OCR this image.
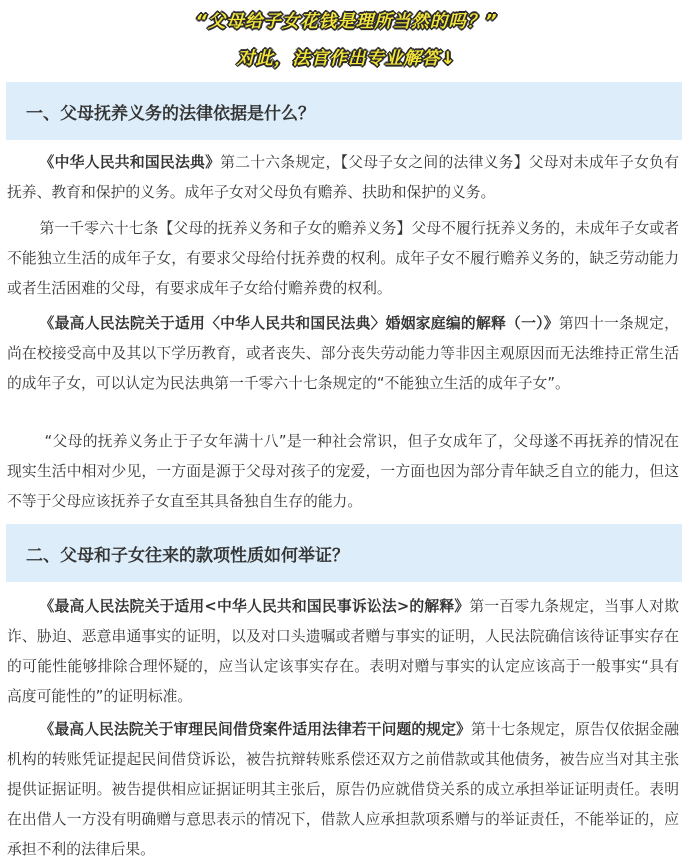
“父母给子女花钱是理所当然的吗？”
对此，法官作出专业解答↓
一、父母抚养义务的法律依据是什么？

《中华人民共和国民法典》第二十六条规定，【父母子女之间的法律义务】父母对未成年子女负有抚养、教育和保护的义务。成年子女对父母负有赡养、扶助和保护的义务。

第一千零六十七条【父母的抚养义务和子女的赡养义务】父母不履行抚养义务的，未成年子女或者不能独立生活的成年子女，有要求父母给付抚养费的权利。成年子女不履行赡养义务的，缺乏劳动能力或者生活困难的父母，有要求成年子女给付赡养费的权利。

《最高人民法院关于适用〈中华人民共和国民法典〉婚姻家庭编的解释（一）》第四十一条规定，尚在校接受高中及其以下学历教育，或者丧失、部分丧失劳动能力等非因主观原因而无法维持正常生活的成年子女，可以认定为民法典第一千零六十七条规定的“不能独立生活的成年子女”。

“父母的抚养义务止于子女年满十八”是一种社会常识，但子女成年了，父母遂不再抚养的情况在现实生活中相对少见，一方面是源于父母对孩子的宠爱，一方面也因为部分青年缺乏自立的能力，但这不等于父母应该抚养子女直至其具备独自生存的能力。

二、父母和子女往来的款项性质如何举证？

《最高人民法院关于适用<中华人民共和国民事诉讼法>的解释》第一百零九条规定，当事人对欺诈、胁迫、恶意串通事实的证明，以及对口头遗嘱或者赠与事实的证明，人民法院确信该待证事实存在的可能性能够排除合理怀疑的，应当认定该事实存在。表明对赠与事实的认定应该高于一般事实“具有高度可能性的”的证明标准。

《最高人民法院关于审理民间借贷案件适用法律若干问题的规定》第十七条规定，原告仅依据金融机构的转账凭证提起民间借贷诉讼，被告抗辩转账系偿还双方之前借款或其他债务，被告应当对其主张提供证据证明。被告提供相应证据证明其主张后，原告仍应就借贷关系的成立承担举证证明责任。表明在出借人一方没有明确赠与意思表示的情况下，借款人应承担款项系赠与的举证责任，不能举证的，应承担不利的法律后果。
